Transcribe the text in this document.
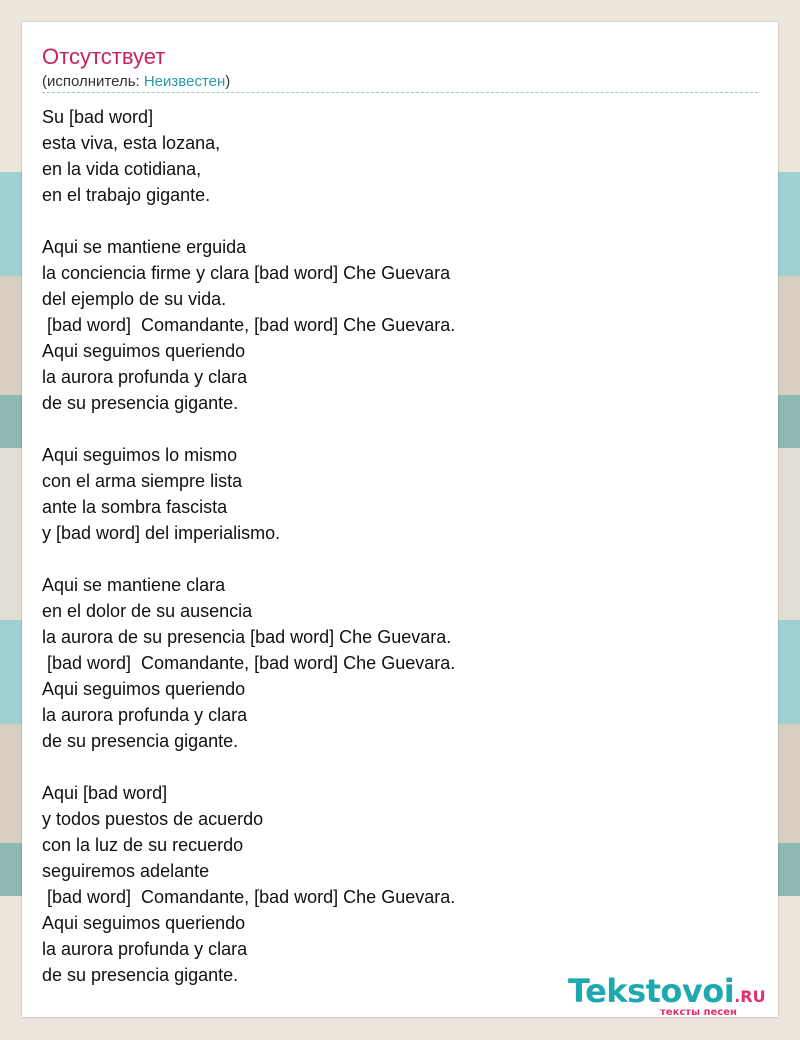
Отсутствует
(исполнитель: Неизвестен)
Su [bad word]
esta viva, esta lozana,
en la vida cotidiana,
en el trabajo gigante.
Aqui se mantiene erguida
la conciencia firme y clara [bad word] Che Guevara
del ejemplo de su vida.
[bad word]  Comandante, [bad word] Che Guevara.
Aqui seguimos queriendo
la aurora profunda y clara
de su presencia gigante.
Aqui seguimos lo mismo
con el arma siempre lista
ante la sombra fascista
y [bad word] del imperialismo.
Aqui se mantiene clara
en el dolor de su ausencia
la aurora de su presencia [bad word] Che Guevara.
[bad word]  Comandante, [bad word] Che Guevara.
Aqui seguimos queriendo
la aurora profunda y clara
de su presencia gigante.
Aqui [bad word]
y todos puestos de acuerdo
con la luz de su recuerdo
seguiremos adelante
[bad word]  Comandante, [bad word] Che Guevara.
Aqui seguimos queriendo
la aurora profunda y clara
de su presencia gigante.	Tekstovoi.RU
тексты песен
